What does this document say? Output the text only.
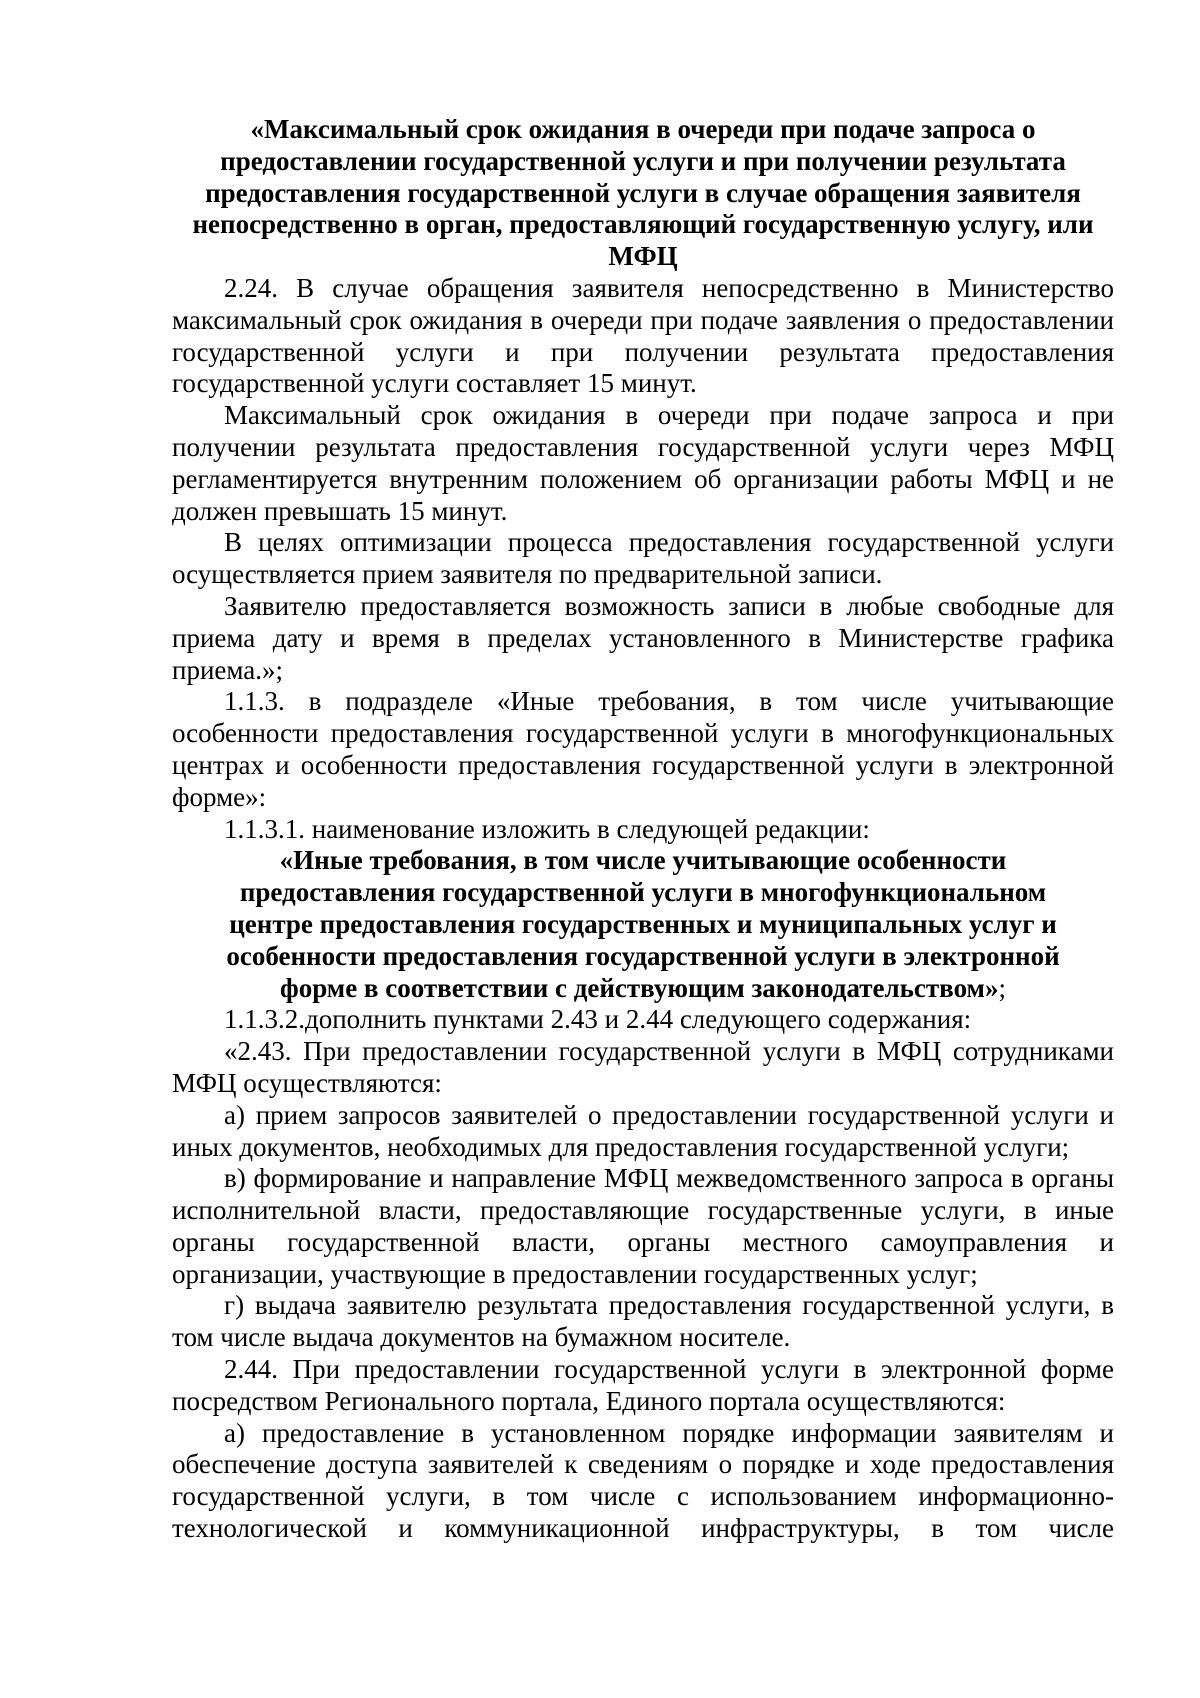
«Максимальный срок ожидания в очереди при подаче запроса о предоставлении государственной услуги и при получении результата предоставления государственной услуги в случае обращения заявителя непосредственно в орган, предоставляющий государственную услугу, или МФЦ

2.24. В случае обращения заявителя непосредственно в Министерство максимальный срок ожидания в очереди при подаче заявления о предоставлении государственной услуги и при получении результата предоставления государственной услуги составляет 15 минут.

Максимальный срок ожидания в очереди при подаче запроса и при получении результата предоставления государственной услуги через МФЦ регламентируется внутренним положением об организации работы МФЦ и не должен превышать 15 минут.

В целях оптимизации процесса предоставления государственной услуги осуществляется прием заявителя по предварительной записи.

Заявителю предоставляется возможность записи в любые свободные для приема дату и время в пределах установленного в Министерстве графика приема.»;

1.1.3. в подразделе «Иные требования, в том числе учитывающие особенности предоставления государственной услуги в многофункциональных центрах и особенности предоставления государственной услуги в электронной форме»:

1.1.3.1. наименование изложить в следующей редакции:

«Иные требования, в том числе учитывающие особенности предоставления государственной услуги в многофункциональном центре предоставления государственных и муниципальных услуг и особенности предоставления государственной услуги в электронной форме в соответствии с действующим законодательством»;

1.1.3.2.дополнить пунктами 2.43 и 2.44 следующего содержания:

«2.43. При предоставлении государственной услуги в МФЦ сотрудниками МФЦ осуществляются:

а) прием запросов заявителей о предоставлении государственной услуги и иных документов, необходимых для предоставления государственной услуги;

в) формирование и направление МФЦ межведомственного запроса в органы исполнительной власти, предоставляющие государственные услуги, в иные органы государственной власти, органы местного самоуправления и организации, участвующие в предоставлении государственных услуг;

г) выдача заявителю результата предоставления государственной услуги, в том числе выдача документов на бумажном носителе.

2.44. При предоставлении государственной услуги в электронной форме посредством Регионального портала, Единого портала осуществляются:

а) предоставление в установленном порядке информации заявителям и обеспечение доступа заявителей к сведениям о порядке и ходе предоставления государственной услуги, в том числе с использованием информационно-технологической и коммуникационной инфраструктуры, в том числе
